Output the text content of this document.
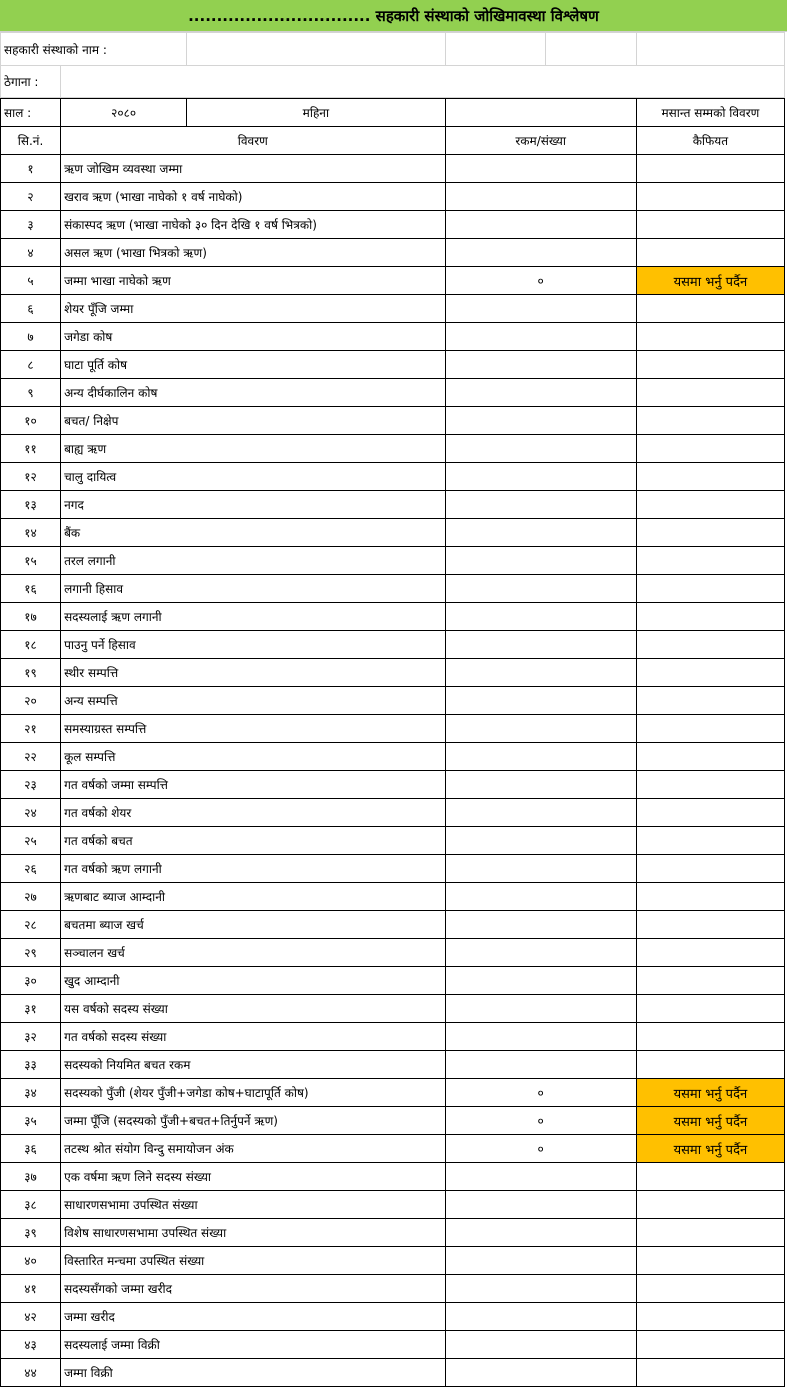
................................ सहकारी संस्थाको जोखिमावस्था विश्लेषण
सहकारी संस्थाको नाम :					
ठेगाना :					
साल :	२०८०	महिना		मसान्त सम्मको विवरण
सि.नं.	विवरण		रकम/संख्या	कैफियत
१	ऋण जोखिम व्यवस्था जम्मा			
२	खराव ऋण (भाखा नाघेको १ वर्ष नाघेको)			
३	संकास्पद ऋण (भाखा नाघेको ३० दिन देखि १ वर्ष भित्रको)			
४	असल ऋण (भाखा भित्रको ऋण)			
५	जम्मा भाखा नाघेको ऋण		०	यसमा भर्नु पर्दैन
६	शेयर पूँजि जम्मा			
७	जगेडा कोष			
८	घाटा पूर्ति कोष			
९	अन्य दीर्घकालिन कोष			
१०	बचत/ निक्षेप			
११	बाह्य ऋण			
१२	चालु दायित्व			
१३	नगद			
१४	बैंक			
१५	तरल लगानी			
१६	लगानी हिसाव			
१७	सदस्यलाई ऋण लगानी			
१८	पाउनु पर्ने हिसाव			
१९	स्थीर सम्पत्ति			
२०	अन्य सम्पत्ति			
२१	समस्याग्रस्त सम्पत्ति			
२२	कूल सम्पत्ति			
२३	गत वर्षको जम्मा सम्पत्ति			
२४	गत वर्षको शेयर			
२५	गत वर्षको बचत			
२६	गत वर्षको ऋण लगानी			
२७	ऋणबाट ब्याज आम्दानी			
२८	बचतमा ब्याज खर्च			
२९	सञ्चालन खर्च			
३०	खुद आम्दानी			
३१	यस वर्षको सदस्य संख्या			
३२	गत वर्षको सदस्य संख्या			
३३	सदस्यको नियमित बचत रकम			
३४	सदस्यको पुँजी (शेयर पुँजी+जगेडा कोष+घाटापूर्ति कोष)		०	यसमा भर्नु पर्दैन
३५	जम्मा पूँजि (सदस्यको पुँजी+बचत+तिर्नुपर्ने ऋण)		०	यसमा भर्नु पर्दैन
३६	तटस्थ श्रोत संयोग विन्दु समायोजन अंक		०	यसमा भर्नु पर्दैन
३७	एक वर्षमा ऋण लिने सदस्य संख्या			
३८	साधारणसभामा उपस्थित संख्या			
३९	विशेष साधारणसभामा उपस्थित संख्या			
४०	विस्तारित मन्चमा उपस्थित संख्या			
४१	सदस्यसँगको जम्मा खरीद			
४२	जम्मा खरीद			
४३	सदस्यलाई जम्मा विक्री			
४४	जम्मा विक्री			
